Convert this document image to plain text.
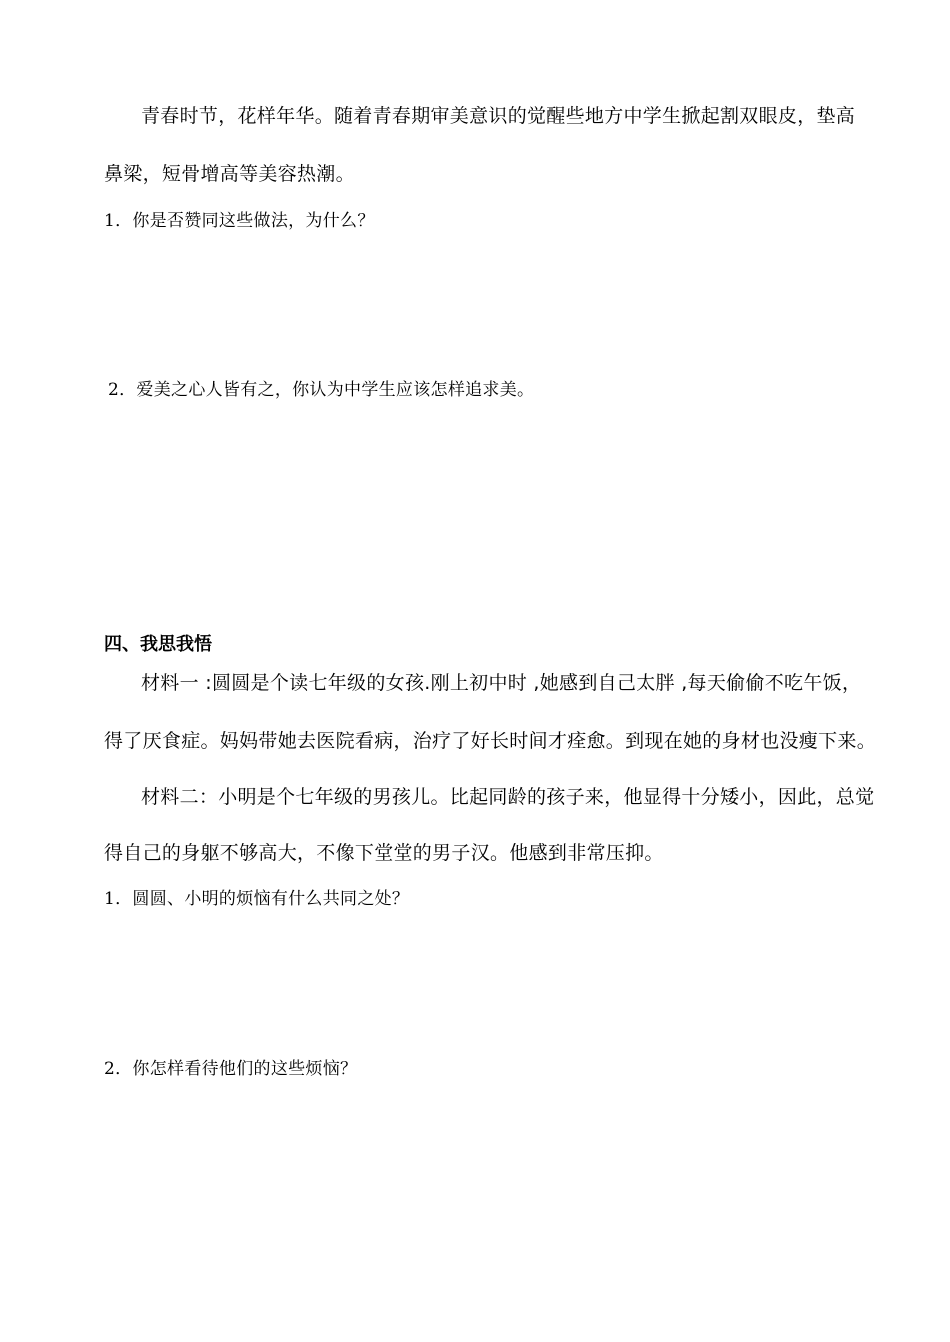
青春时节，花样年华。随着青春期审美意识的觉醒些地方中学生掀起割双眼皮，垫高

鼻梁，短骨增高等美容热潮。

1．你是否赞同这些做法，为什么？

2．爱美之心人皆有之，你认为中学生应该怎样追求美。

四、我思我悟

材料一 :圆圆是个读七年级的女孩.刚上初中时 ,她感到自己太胖 ,每天偷偷不吃午饭，

得了厌食症。妈妈带她去医院看病，治疗了好长时间才痊愈。到现在她的身材也没瘦下来。

材料二：小明是个七年级的男孩儿。比起同龄的孩子来，他显得十分矮小，因此，总觉

得自己的身躯不够高大，不像下堂堂的男子汉。他感到非常压抑。

1．圆圆、小明的烦恼有什么共同之处？

2．你怎样看待他们的这些烦恼？
